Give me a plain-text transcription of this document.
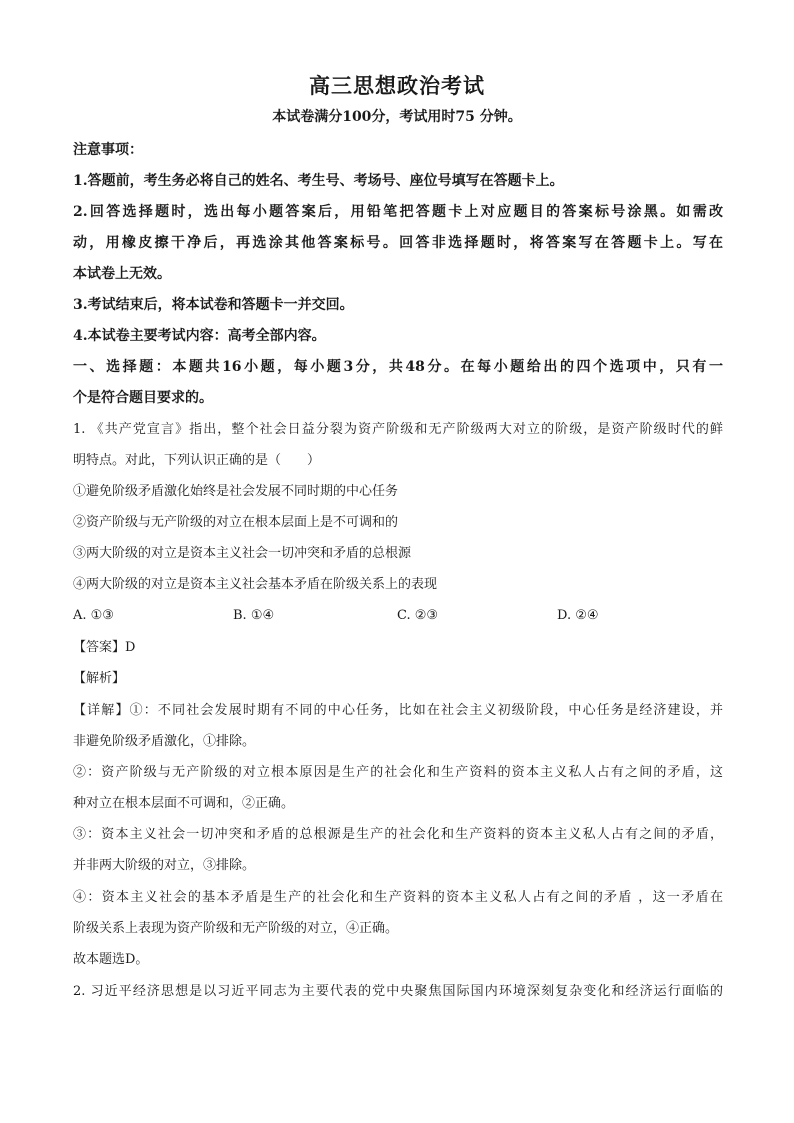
高三思想政治考试
本试卷满分100分，考试用时75 分钟。
注意事项：
1.答题前，考生务必将自己的姓名、考生号、考场号、座位号填写在答题卡上。
2.回答选择题时，选出每小题答案后，用铅笔把答题卡上对应题目的答案标号涂黑。如需改
动，用橡皮擦干净后，再选涂其他答案标号。回答非选择题时，将答案写在答题卡上。写在
本试卷上无效。
3.考试结束后，将本试卷和答题卡一并交回。
4.本试卷主要考试内容：高考全部内容。
一、选择题：本题共16小题，每小题3分，共48分。在每小题给出的四个选项中，只有一
个是符合题目要求的。
1. 《共产党宣言》指出，整个社会日益分裂为资产阶级和无产阶级两大对立的阶级，是资产阶级时代的鲜
明特点。对此，下列认识正确的是（　　）
①避免阶级矛盾激化始终是社会发展不同时期的中心任务
②资产阶级与无产阶级的对立在根本层面上是不可调和的
③两大阶级的对立是资本主义社会一切冲突和矛盾的总根源
④两大阶级的对立是资本主义社会基本矛盾在阶级关系上的表现
A. ①③	B. ①④	C. ②③	D. ②④
【答案】D
【解析】
【详解】①：不同社会发展时期有不同的中心任务，比如在社会主义初级阶段，中心任务是经济建设，并
非避免阶级矛盾激化，①排除。
②：资产阶级与无产阶级的对立根本原因是生产的社会化和生产资料的资本主义私人占有之间的矛盾，这
种对立在根本层面不可调和，②正确。
③：资本主义社会一切冲突和矛盾的总根源是生产的社会化和生产资料的资本主义私人占有之间的矛盾，
并非两大阶级的对立，③排除。
④：资本主义社会的基本矛盾是生产的社会化和生产资料的资本主义私人占有之间的矛盾 ，这一矛盾在
阶级关系上表现为资产阶级和无产阶级的对立，④正确。
故本题选D。
2. 习近平经济思想是以习近平同志为主要代表的党中央聚焦国际国内环境深刻复杂变化和经济运行面临的
